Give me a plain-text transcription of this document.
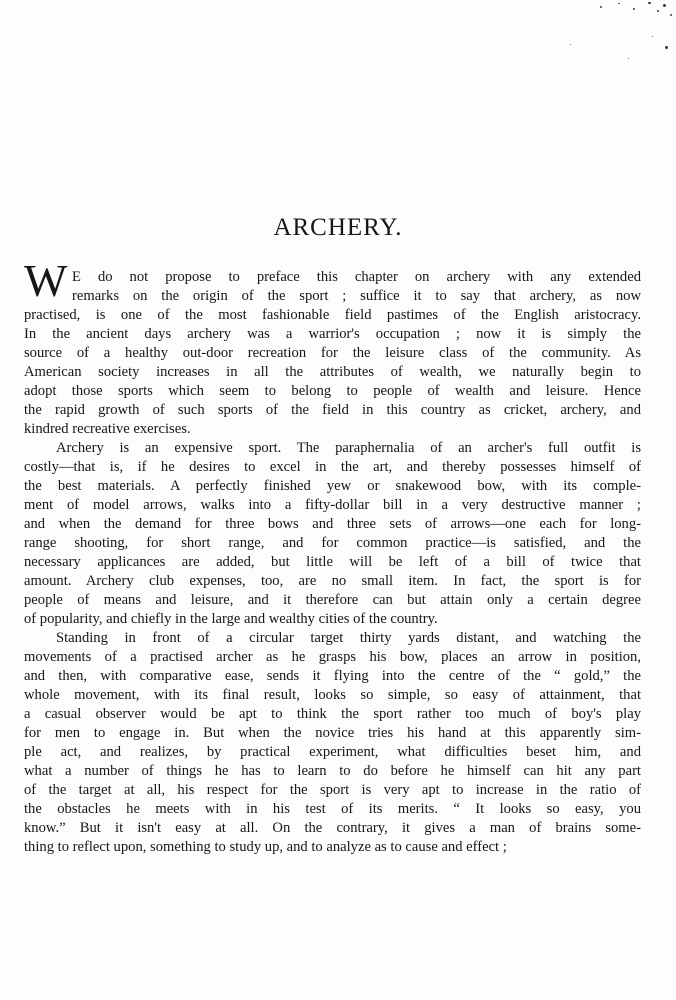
ARCHERY.
W E do not propose to preface this chapter on archery with any extended
remarks on the origin of the sport ; suffice it to say that archery, as now
practised, is one of the most fashionable field pastimes of the English aristocracy.
In the ancient days archery was a warrior's occupation ; now it is simply the
source of a healthy out-door recreation for the leisure class of the community. As
American society increases in all the attributes of wealth, we naturally begin to
adopt those sports which seem to belong to people of wealth and leisure. Hence
the rapid growth of such sports of the field in this country as cricket, archery, and
kindred recreative exercises.
Archery is an expensive sport. The paraphernalia of an archer's full outfit is
costly—that is, if he desires to excel in the art, and thereby possesses himself of
the best materials. A perfectly finished yew or snakewood bow, with its comple-
ment of model arrows, walks into a fifty-dollar bill in a very destructive manner ;
and when the demand for three bows and three sets of arrows—one each for long-
range shooting, for short range, and for common practice—is satisfied, and the
necessary applicances are added, but little will be left of a bill of twice that
amount. Archery club expenses, too, are no small item. In fact, the sport is for
people of means and leisure, and it therefore can but attain only a certain degree
of popularity, and chiefly in the large and wealthy cities of the country.
Standing in front of a circular target thirty yards distant, and watching the
movements of a practised archer as he grasps his bow, places an arrow in position,
and then, with comparative ease, sends it flying into the centre of the “ gold,” the
whole movement, with its final result, looks so simple, so easy of attainment, that
a casual observer would be apt to think the sport rather too much of boy's play
for men to engage in. But when the novice tries his hand at this apparently sim-
ple act, and realizes, by practical experiment, what difficulties beset him, and
what a number of things he has to learn to do before he himself can hit any part
of the target at all, his respect for the sport is very apt to increase in the ratio of
the obstacles he meets with in his test of its merits. “ It looks so easy, you
know.” But it isn't easy at all. On the contrary, it gives a man of brains some-
thing to reflect upon, something to study up, and to analyze as to cause and effect ;
